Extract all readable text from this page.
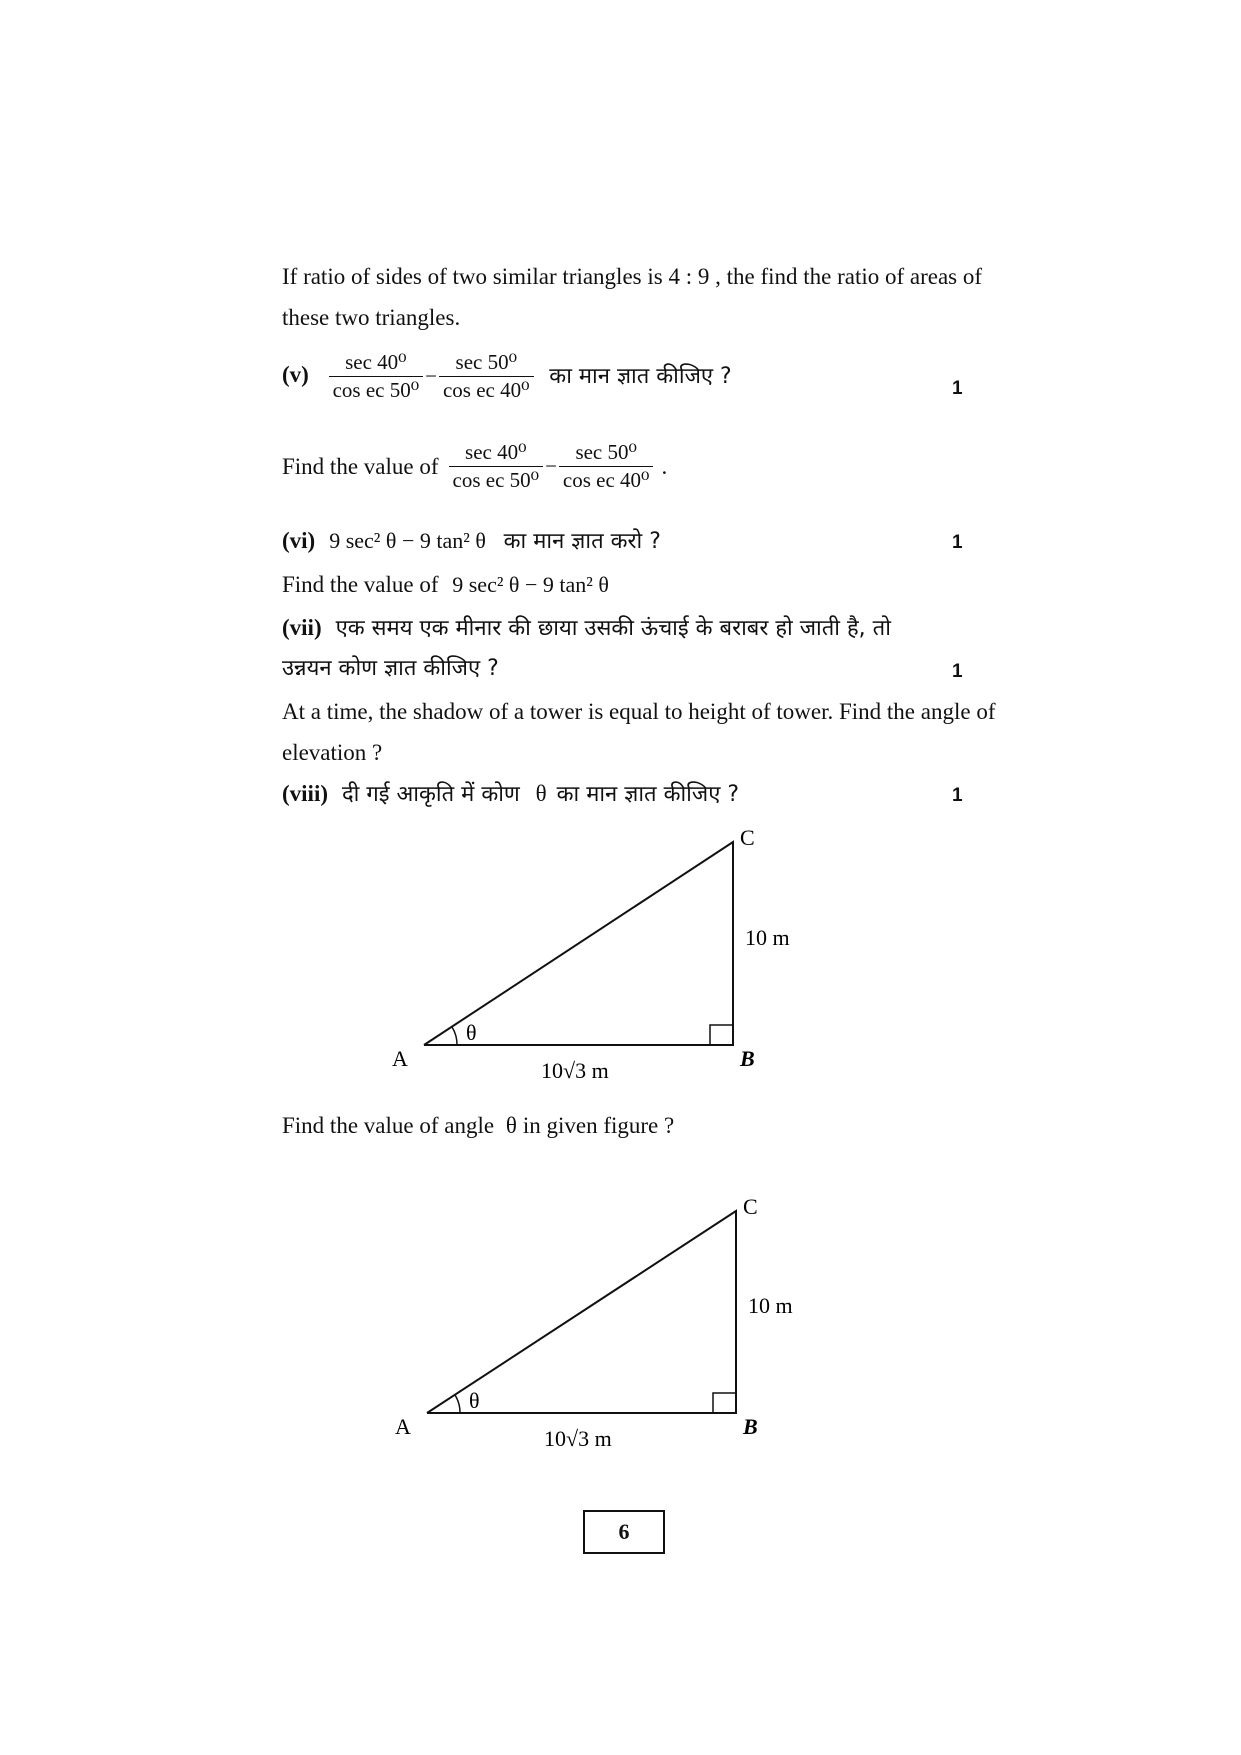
If ratio of sides of two similar triangles is 4 : 9 , the find the ratio of areas of
these two triangles.
$(v) \frac{\text{sec 40⁰}}{\text{cos ec 50⁰}} - \frac{\text{sec 50⁰}}{\text{cos ec 40⁰}}$ का मान ज्ञात कीजिए ?	1
Find the value of $\frac{\text{sec 40⁰}}{\text{cos ec 50⁰}} - \frac{\text{sec 50⁰}}{\text{cos ec 40⁰}}$ .
(vi) 9 sec² θ − 9 tan² θ का मान ज्ञात करो ?	1
Find the value of 9 sec² θ − 9 tan² θ
(vii) एक समय एक मीनार की छाया उसकी ऊंचाई के बराबर हो जाती है, तो
उन्नयन कोण ज्ञात कीजिए ?	1
At a time, the shadow of a tower is equal to height of tower. Find the angle of
elevation ?
(viii) दी गई आकृति में कोण θ का मान ज्ञात कीजिए ?	1
θ
A	B
C
10 m
10√3 m
θ
A	B
C
10 m
10√3 m
Find the value of angle θ in given figure ?
6
